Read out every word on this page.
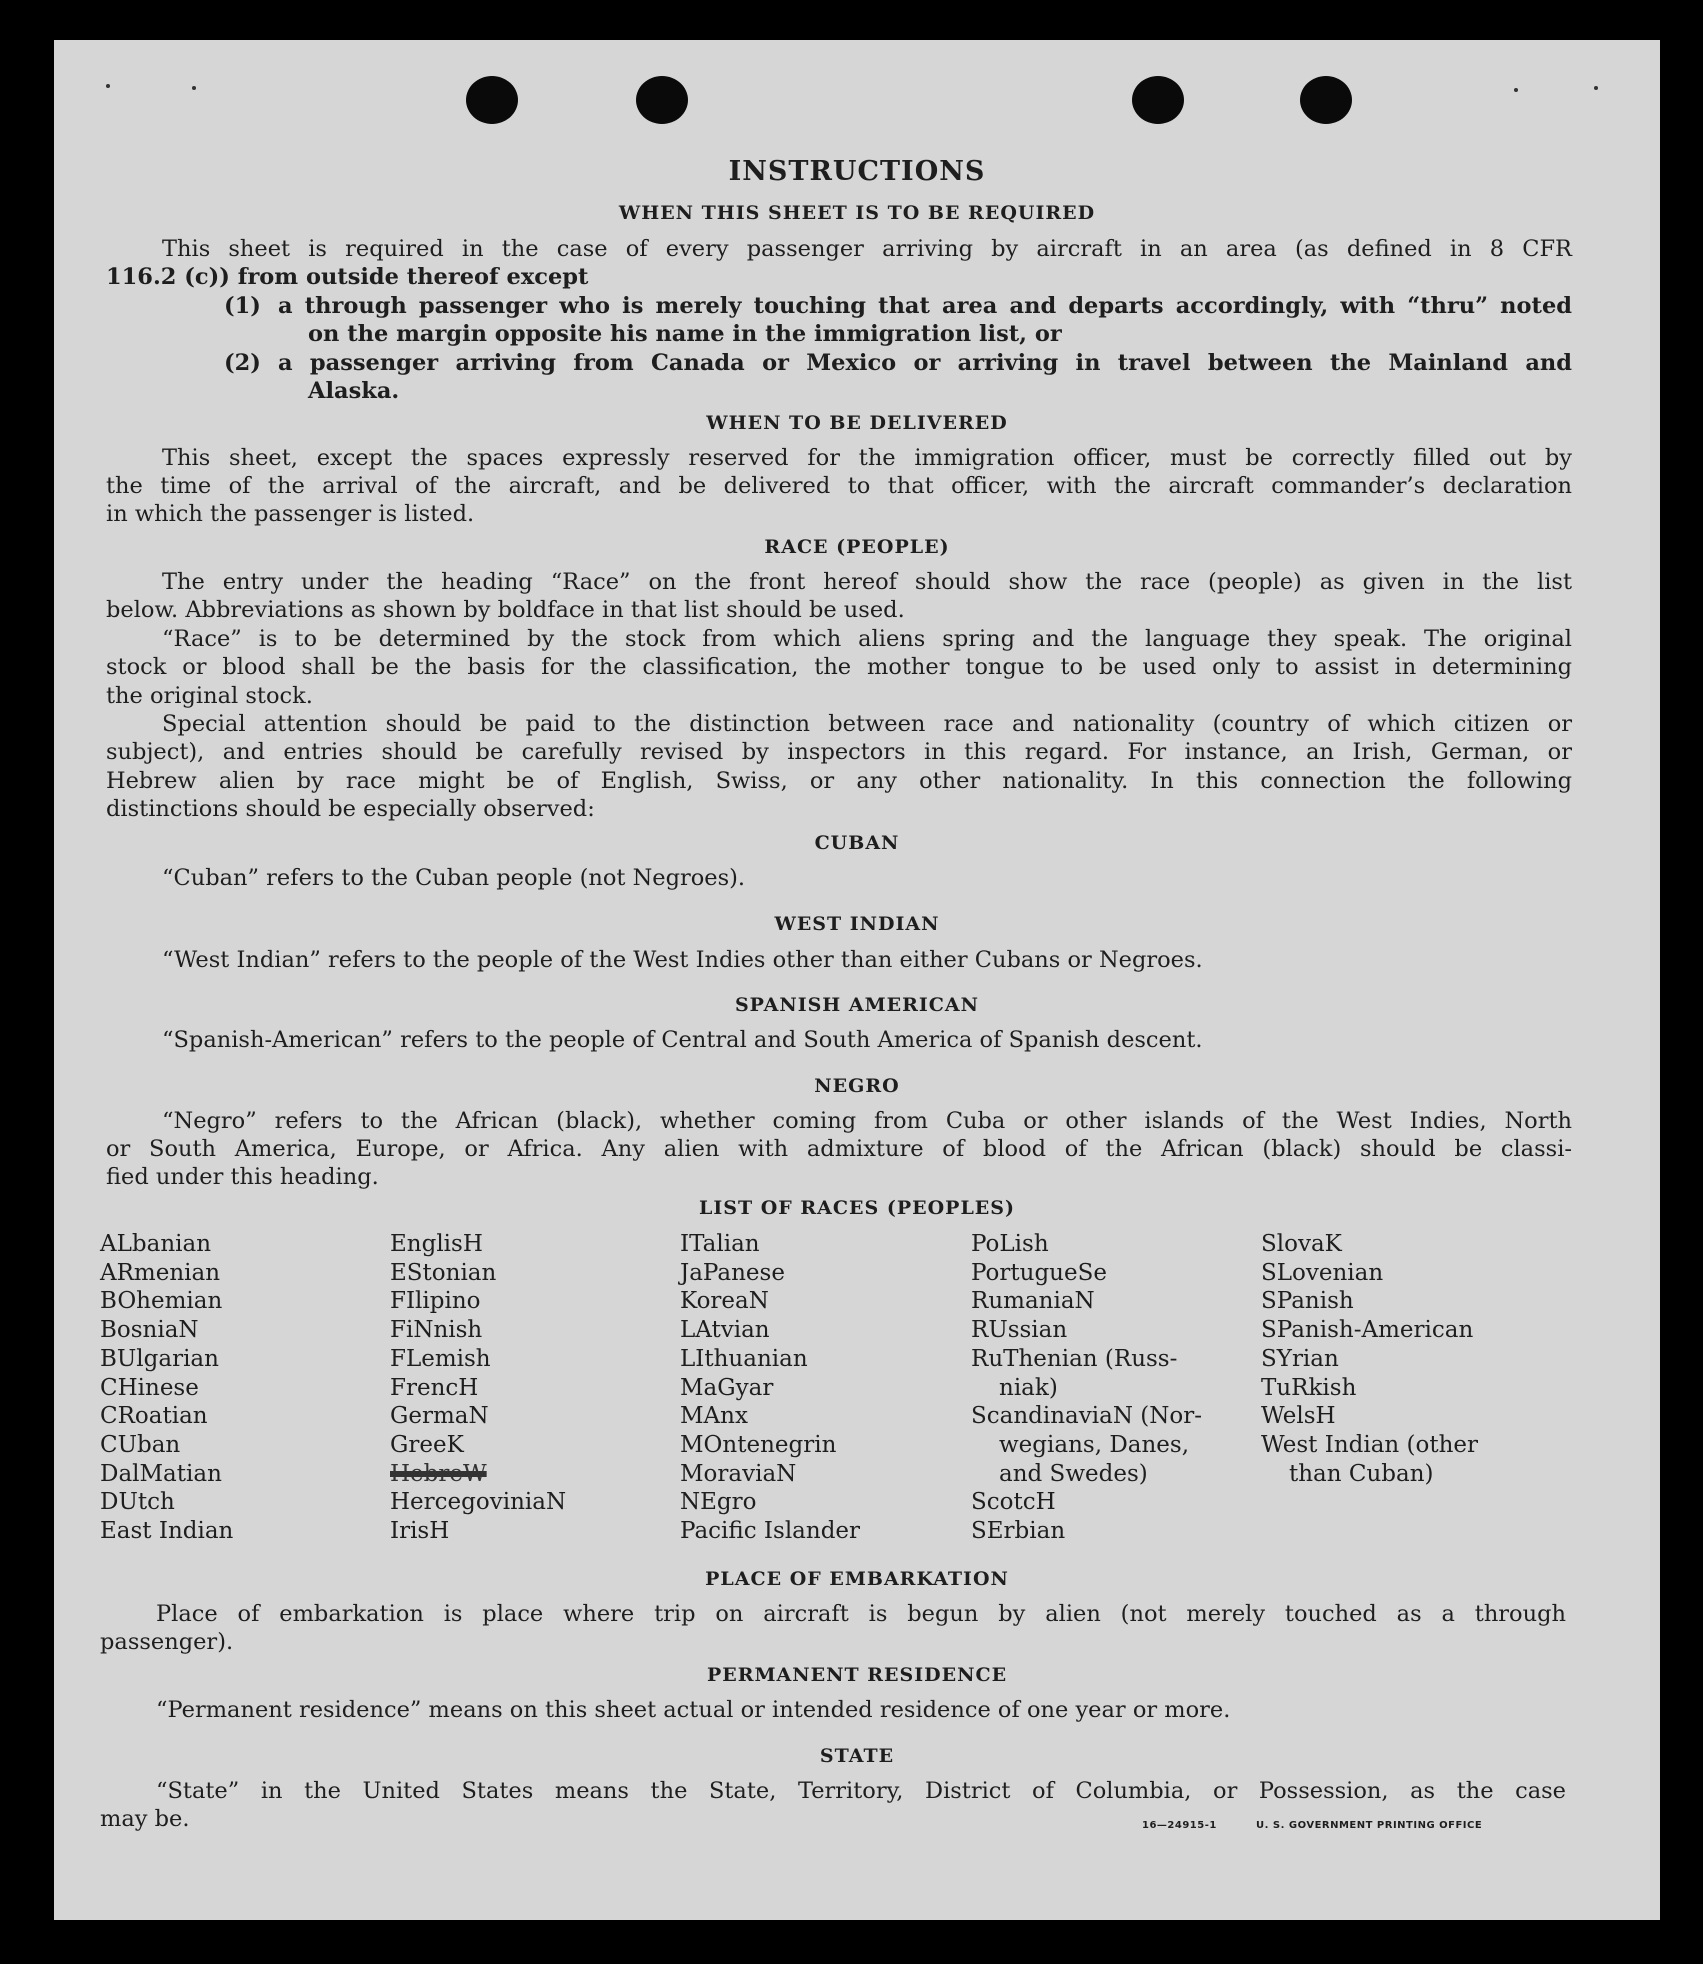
INSTRUCTIONS
WHEN THIS SHEET IS TO BE REQUIRED

This sheet is required in the case of every passenger arriving by aircraft in an area (as defined in 8 CFR

116.2 (c)) from outside thereof except

(1) a through passenger who is merely touching that area and departs accordingly, with “thru” noted

on the margin opposite his name in the immigration list, or

(2) a passenger arriving from Canada or Mexico or arriving in travel between the Mainland and

Alaska.

WHEN TO BE DELIVERED

This sheet, except the spaces expressly reserved for the immigration officer, must be correctly filled out by

the time of the arrival of the aircraft, and be delivered to that officer, with the aircraft commander’s declaration

in which the passenger is listed.

RACE (PEOPLE)

The entry under the heading “Race” on the front hereof should show the race (people) as given in the list

below. Abbreviations as shown by boldface in that list should be used.

“Race” is to be determined by the stock from which aliens spring and the language they speak. The original

stock or blood shall be the basis for the classification, the mother tongue to be used only to assist in determining

the original stock.

Special attention should be paid to the distinction between race and nationality (country of which citizen or

subject), and entries should be carefully revised by inspectors in this regard. For instance, an Irish, German, or

Hebrew alien by race might be of English, Swiss, or any other nationality. In this connection the following

distinctions should be especially observed:

CUBAN

“Cuban” refers to the Cuban people (not Negroes).

WEST INDIAN

“West Indian” refers to the people of the West Indies other than either Cubans or Negroes.

SPANISH AMERICAN

“Spanish-American” refers to the people of Central and South America of Spanish descent.

NEGRO

“Negro” refers to the African (black), whether coming from Cuba or other islands of the West Indies, North

or South America, Europe, or Africa. Any alien with admixture of blood of the African (black) should be classi-

fied under this heading.

LIST OF RACES (PEOPLES)
ALbanian
ARmenian
BOhemian
BosniaN
BUlgarian
CHinese
CRoatian
CUban
DalMatian
DUtch
East Indian
EnglisH
EStonian
FIlipino
FiNnish
FLemish
FrencH
GermaN
GreeK
HebreW
HercegoviniaN
IrisH
ITalian
JaPanese
KoreaN
LAtvian
LIthuanian
MaGyar
MAnx
MOntenegrin
MoraviaN
NEgro
Pacific Islander
PoLish
PortugueSe
RumaniaN
RUssian
RuThenian (Russ-
niak)
ScandinaviaN (Nor-
wegians, Danes,
and Swedes)
ScotcH
SErbian
SlovaK
SLovenian
SPanish
SPanish-American
SYrian
TuRkish
WelsH
West Indian (other
than Cuban)
PLACE OF EMBARKATION

Place of embarkation is place where trip on aircraft is begun by alien (not merely touched as a through

passenger).

PERMANENT RESIDENCE

“Permanent residence” means on this sheet actual or intended residence of one year or more.

STATE

“State” in the United States means the State, Territory, District of Columbia, or Possession, as the case

may be.	16—24915-1	U. S. GOVERNMENT PRINTING OFFICE
